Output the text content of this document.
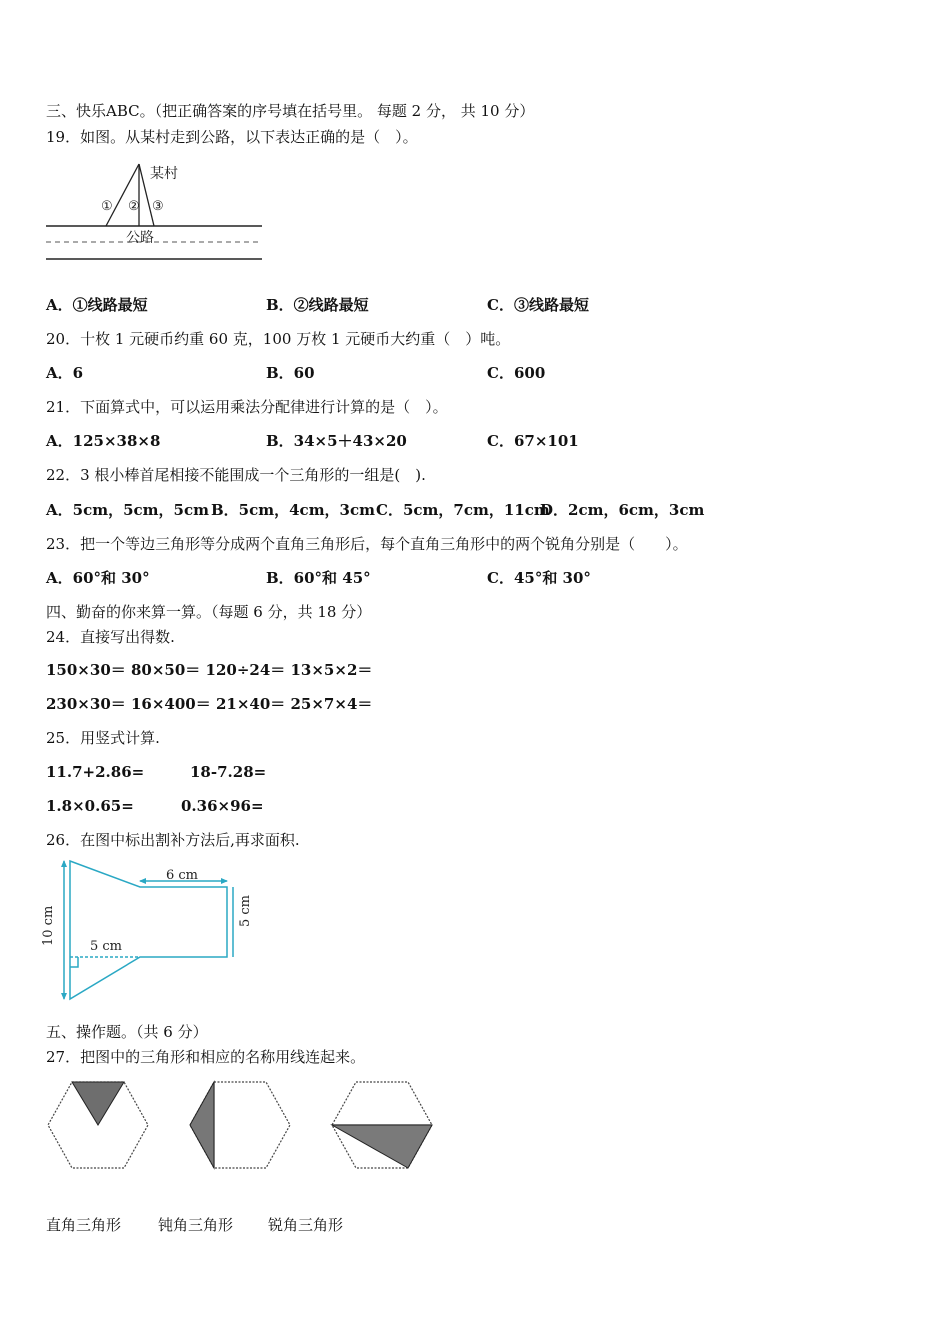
三、快乐ABC。（把正确答案的序号填在括号里。 每题 2 分， 共 10 分）
19．如图。从某村走到公路，以下表达正确的是（　）。
某村
① ② ③
公路
A．①线路最短	B．②线路最短	C．③线路最短
20．十枚 1 元硬币约重 60 克，100 万枚 1 元硬币大约重（　）吨。
A．6	B．60	C．600
21．下面算式中，可以运用乘法分配律进行计算的是（　）。
A．125×38×8	B．34×5＋43×20	C．67×101
22．3 根小棒首尾相接不能围成一个三角形的一组是(　).
A．5cm，5cm，5cm B．5cm，4cm，3cm C．5cm，7cm，11cm
D．2cm，6cm，3cm
23．把一个等边三角形等分成两个直角三角形后，每个直角三角形中的两个锐角分别是（　　）。
A．60°和 30°	B．60°和 45°	C．45°和 30°
四、勤奋的你来算一算。（每题 6 分，共 18 分）
24．直接写出得数.
150×30＝ 80×50＝ 120÷24＝ 13×5×2＝
230×30＝ 16×400＝ 21×40＝ 25×7×4＝
25．用竖式计算.
11.7+2.86=	18-7.28=
1.8×0.65=	0.36×96=
26．在图中标出割补方法后,再求面积.
6 cm
5 cm
5 cm
10 cm
五、操作题。（共 6 分）
27．把图中的三角形和相应的名称用线连起来。
直角三角形 钝角三角形 锐角三角形
